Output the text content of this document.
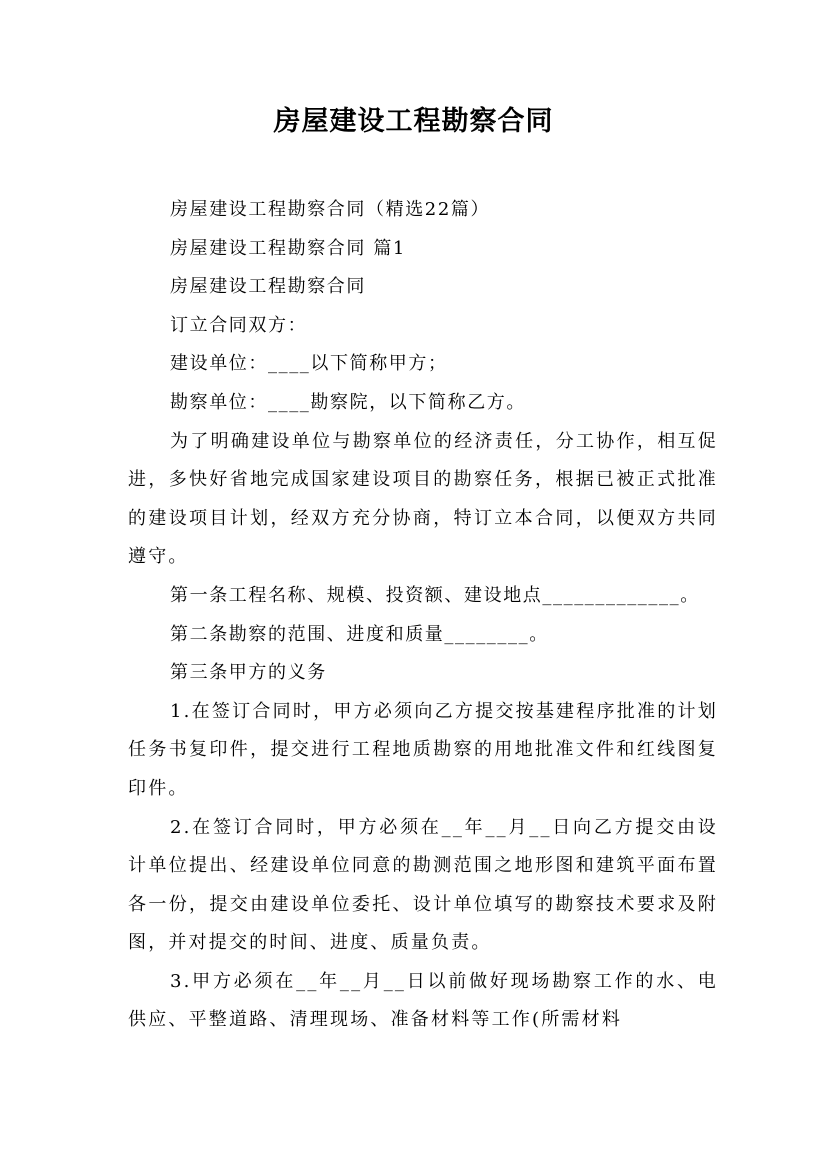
房屋建设工程勘察合同

房屋建设工程勘察合同（精选22篇）

房屋建设工程勘察合同 篇1

房屋建设工程勘察合同

订立合同双方：

建设单位：____以下简称甲方；

勘察单位：____勘察院，以下简称乙方。

为了明确建设单位与勘察单位的经济责任，分工协作，相互促进，多快好省地完成国家建设项目的勘察任务，根据已被正式批准的建设项目计划，经双方充分协商，特订立本合同，以便双方共同遵守。

第一条工程名称、规模、投资额、建设地点_____________。

第二条勘察的范围、进度和质量________。

第三条甲方的义务

1.在签订合同时，甲方必须向乙方提交按基建程序批准的计划任务书复印件，提交进行工程地质勘察的用地批准文件和红线图复印件。

2.在签订合同时，甲方必须在__年__月__日向乙方提交由设计单位提出、经建设单位同意的勘测范围之地形图和建筑平面布置各一份，提交由建设单位委托、设计单位填写的勘察技术要求及附图，并对提交的时间、进度、质量负责。

3.甲方必须在__年__月__日以前做好现场勘察工作的水、电供应、平整道路、清理现场、准备材料等工作(所需材料
